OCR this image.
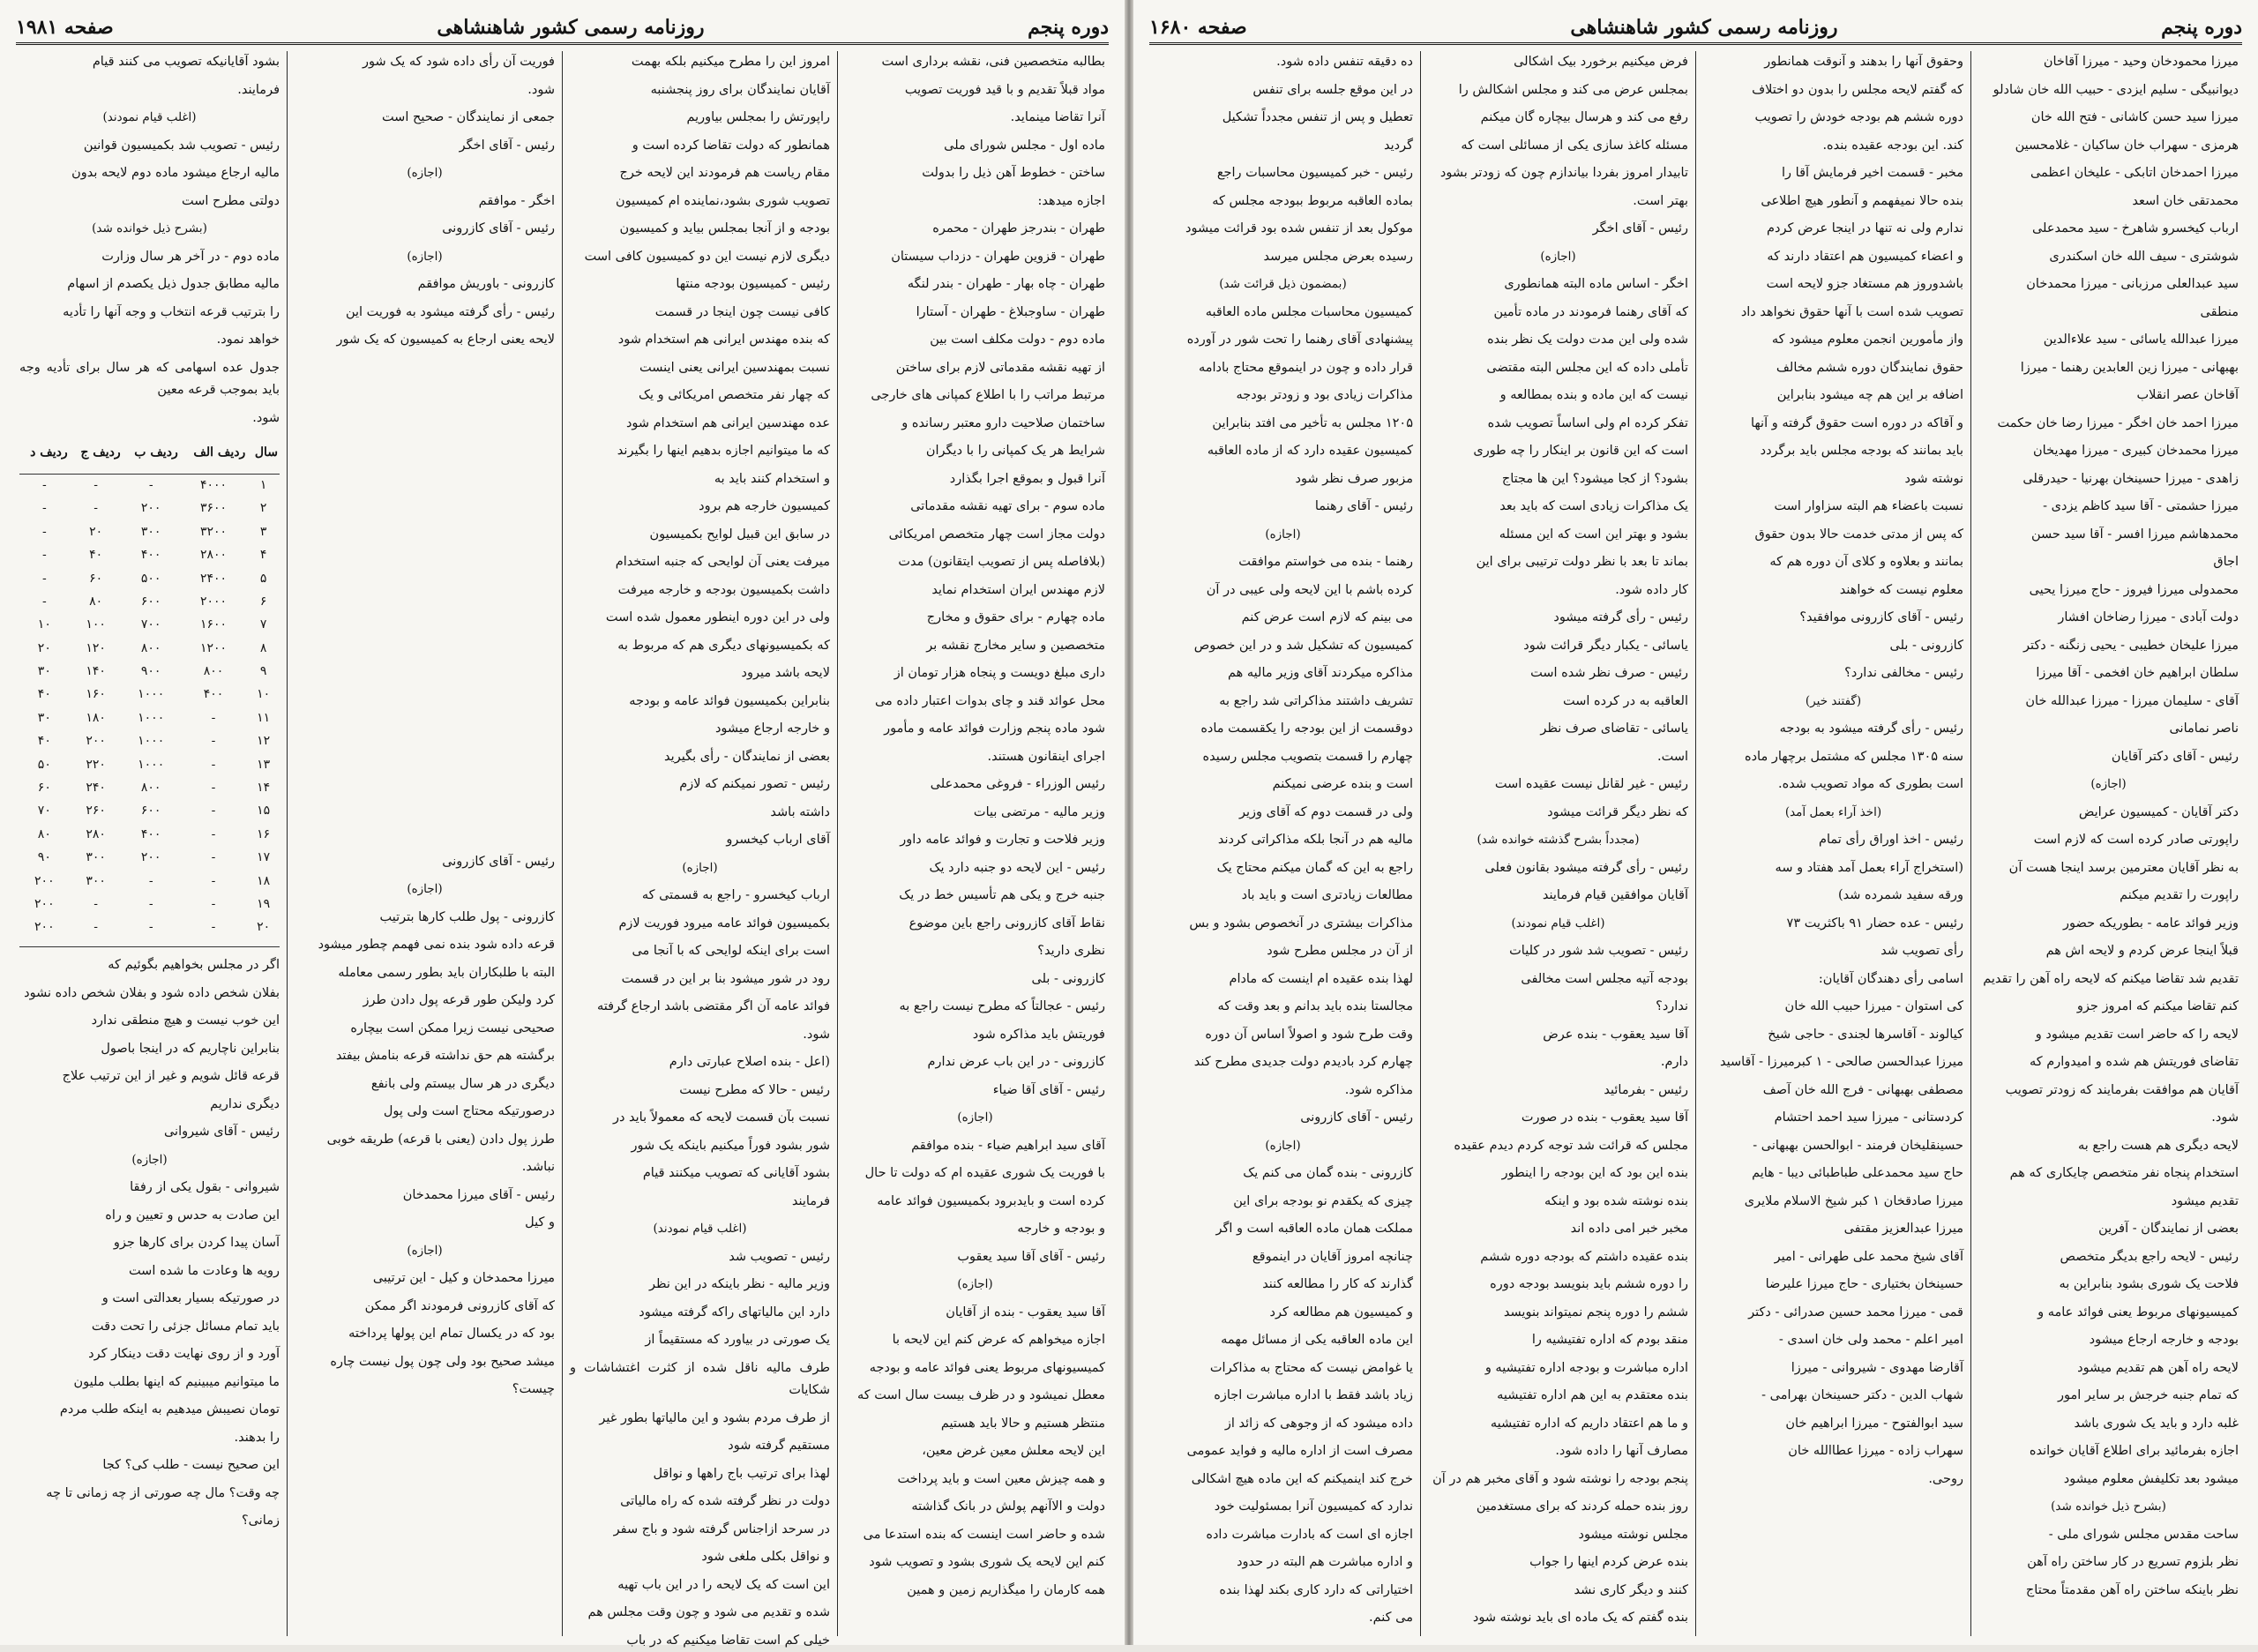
دوره پنجم
روزنامه رسمی کشور شاهنشاهی
صفحه ۱۹۸۱

بطالبه متخصصین فنی، نقشه برداری است

مواد قبلاً تقدیم و با قید فوریت تصویب

آنرا تقاضا مینماید.

ماده اول - مجلس شورای ملی

ساختن - خطوط آهن ذیل را بدولت

اجازه میدهد:

طهران - بندرجز طهران - محمره

طهران - قزوین طهران - دزداب سیستان

طهران - چاه بهار - طهران - بندر لنگه

طهران - ساوجبلاغ - طهران - آستارا

ماده دوم - دولت مکلف است بین

از تهیه نقشه مقدماتی لازم برای ساختن

مرتبط مراتب را با اطلاع کمپانی های خارجی

ساختمان صلاحیت دارو معتبر رسانده و

شرایط هر یک کمپانی را با دیگران

آنرا قبول و بموقع اجرا بگذارد

ماده سوم - برای تهیه نقشه مقدماتی

دولت مجاز است چهار متخصص امریکائی

(بلافاصله پس از تصویب ایتقانون) مدت

لازم مهندس ایران استخدام نماید

ماده چهارم - برای حقوق و مخارج

متخصصین و سایر مخارج نقشه بر

داری مبلغ دویست و پنجاه هزار تومان از

محل عوائد قند و چای بدوات اعتبار داده می

شود ماده پنجم وزارت فوائد عامه و مأمور

اجرای اینقانون هستند.

رئیس الوزراء - فروغی محمدعلی

وزیر مالیه - مرتضی بیات

وزیر فلاحت و تجارت و فوائد عامه داور

رئیس - این لایحه دو جنبه دارد یک

جنبه خرج و یکی هم تأسیس خط در یک

نقاط آقای کازرونی راجع باین موضوع

نظری دارید؟

کازرونی - بلی

رئیس - عجالتاً که مطرح نیست راجع به

فوریتش باید مذاکره شود

کازرونی - در این باب عرض ندارم

رئیس - آقای آقا ضیاء

(اجازه)

آقای سید ابراهیم ضیاء - بنده موافقم

با فوریت یک شوری عقیده ام که دولت تا حال

کرده است و بایدبرود بکمیسیون فوائد عامه

و بودجه و خارجه

رئیس - آقای آقا سید یعقوب

(اجازه)

آقا سید یعقوب - بنده از آقایان

اجازه میخواهم که عرض کنم این لایحه با

کمیسیونهای مربوط یعنی فوائد عامه و بودجه

معطل نمیشود و در ظرف بیست سال است که

منتظر هستیم و حالا باید هستیم

این لایحه معلش معین غرض معین،

و همه چیزش معین است و باید پرداخت

دولت و الاآنهم پولش در بانک گذاشته

شده و حاضر است اینست که بنده استدعا می

کنم این لایحه یک شوری بشود و تصویب شود

همه کارمان را میگذاریم زمین و همین

امروز این را مطرح میکنیم بلکه بهمت

آقایان نمایندگان برای روز پنجشنبه

راپورتش را بمجلس بیاوریم

همانطور که دولت تقاضا کرده است و

مقام ریاست هم فرمودند این لایحه خرج

تصویب شوری بشود،نماینده ام کمیسیون

بودجه و از آنجا بمجلس بیاید و کمیسیون

دیگری لازم نیست این دو کمیسیون کافی است

رئیس - کمیسیون بودجه منتها

کافی نیست چون اینجا در قسمت

که بنده مهندس ایرانی هم استخدام شود

نسبت بمهندسین ایرانی یعنی اینست

که چهار نفر متخصص امریکائی و یک

عده مهندسین ایرانی هم استخدام شود

که ما میتوانیم اجازه بدهیم اینها را بگیرند

و استخدام کنند باید به

کمیسیون خارجه هم برود

در سابق این قبیل لوایح بکمیسیون

میرفت یعنی آن لوایحی که جنبه استخدام

داشت بکمیسیون بودجه و خارجه میرفت

ولی در این دوره اینطور معمول شده است

که بکمیسیونهای دیگری هم که مربوط به

لایحه باشد میرود

بنابراین بکمیسیون فوائد عامه و بودجه

و خارجه ارجاع میشود

بعضی از نمایندگان - رأی بگیرید

رئیس - تصور نمیکنم که لازم

داشته باشد

آقای ارباب کیخسرو

(اجازه)

ارباب کیخسرو - راجع به قسمتی که

بکمیسیون فوائد عامه میرود فوریت لازم

است برای اینکه لوایحی که با آنجا می

رود در شور میشود بنا بر این در قسمت

فوائد عامه آن اگر مقتضی باشد ارجاع گرفته

شود.

(اعل - بنده اصلاح عبارتی دارم

رئیس - حالا که مطرح نیست

نسبت بآن قسمت لایحه که معمولاً باید در

شور بشود فوراً میکنیم باینکه یک شور

بشود آقایانی که تصویب میکنند قیام

فرمایند

(اغلب قیام نمودند)

رئیس - تصویب شد

وزیر مالیه - نظر باینکه در این نظر

دارد این مالیاتهای راکه گرفته میشود

یک صورتی در بیاورد که مستقیماً از

طرف مالیه ناقل شده از کثرت اغتشاشات و شکایات

از طرف مردم بشود و این مالیاتها بطور غیر

مستقیم گرفته شود

لهذا برای ترتیب باج راهها و نواقل

دولت در نظر گرفته شده که راه مالیاتی

در سرحد ازاجناس گرفته شود و باج سفر

و نواقل بکلی ملغی شود

این است که یک لایحه را در این باب تهیه

شده و تقدیم می شود و چون وقت مجلس هم

خیلی کم است تقاضا میکنیم که در باب

فوریت آن رأی داده شود که یک شور

شود.

جمعی از نمایندگان - صحیح است

رئیس - آقای اخگر

(اجازه)

اخگر - موافقم

رئیس - آقای کازرونی

(اجازه)

کازرونی - باوریش موافقم

رئیس - رأی گرفته میشود به فوریت این

لایحه یعنی ارجاع به کمیسیون که یک شور

رئیس - آقای کازرونی

(اجازه)

کازرونی - پول طلب کارها بترتیب

قرعه داده شود بنده نمی فهمم چطور میشود

البته با طلبکاران باید بطور رسمی معامله

کرد ولیکن طور قرعه پول دادن طرز

صحیحی نیست زیرا ممکن است بیچاره

برگشته هم حق نداشته قرعه بنامش بیفتد

دیگری در هر سال بیستم ولی بانفع

درصورتیکه محتاج است ولی پول

طرز پول دادن (یعنی با قرعه) طریقه خوبی

نباشد.

رئیس - آقای میرزا محمدخان

و کیل

(اجازه)

میرزا محمدخان و کیل - این ترتیبی

که آقای کازرونی فرمودند اگر ممکن

بود که در یکسال تمام این پولها پرداخته

میشد صحیح بود ولی چون پول نیست چاره

چیست؟

بشود آقایانیکه تصویب می کنند قیام

فرمایند.

(اغلب قیام نمودند)

رئیس - تصویب شد بکمیسیون قوانین

مالیه ارجاع میشود ماده دوم لایحه بدون

دولتی مطرح است

(بشرح ذیل خوانده شد)

ماده دوم - در آخر هر سال وزارت

مالیه مطابق جدول ذیل یکصدم از اسهام

را بترتیب قرعه انتخاب و وجه آنها را تأدیه

خواهد نمود.

جدول عده اسهامی که هر سال برای تأدیه وجه باید بموجب قرعه معین

شود.

سال	ردیف الف	ردیف ب	ردیف ج	ردیف د
۱	۴۰۰۰	-	-	-
۲	۳۶۰۰	۲۰۰	-	-
۳	۳۲۰۰	۳۰۰	۲۰	-
۴	۲۸۰۰	۴۰۰	۴۰	-
۵	۲۴۰۰	۵۰۰	۶۰	-
۶	۲۰۰۰	۶۰۰	۸۰	-
۷	۱۶۰۰	۷۰۰	۱۰۰	۱۰
۸	۱۲۰۰	۸۰۰	۱۲۰	۲۰
۹	۸۰۰	۹۰۰	۱۴۰	۳۰
۱۰	۴۰۰	۱۰۰۰	۱۶۰	۴۰
۱۱	-	۱۰۰۰	۱۸۰	۳۰
۱۲	-	۱۰۰۰	۲۰۰	۴۰
۱۳	-	۱۰۰۰	۲۲۰	۵۰
۱۴	-	۸۰۰	۲۴۰	۶۰
۱۵	-	۶۰۰	۲۶۰	۷۰
۱۶	-	۴۰۰	۲۸۰	۸۰
۱۷	-	۲۰۰	۳۰۰	۹۰
۱۸	-	-	۳۰۰	۲۰۰
۱۹	-	-	-	۲۰۰
۲۰	-	-	-	۲۰۰

اگر در مجلس بخواهیم بگوئیم که

بفلان شخص داده شود و بفلان شخص داده نشود

این خوب نیست و هیچ منطقی ندارد

بنابراین ناچاریم که در اینجا باصول

قرعه قائل شویم و غیر از این ترتیب علاج

دیگری نداریم

رئیس - آقای شیروانی

(اجازه)

شیروانی - بقول یکی از رفقا

این صادت به حدس و تعیین و راه

آسان پیدا کردن برای کارها جزو

رویه ها وعادت ما شده است

در صورتیکه بسیار بعدالتی است و

باید تمام مسائل جزئی را تحت دقت

آورد و از روی نهایت دقت دینکار کرد

ما میتوانیم میبینیم که اینها بطلب ملیون

تومان نصیبش میدهیم به اینکه طلب مردم

را بدهند.

این صحیح نیست - طلب کی؟ کجا

چه وقت؟ مال چه صورتی از چه زمانی تا چه

زمانی؟

دوره پنجم
روزنامه رسمی کشور شاهنشاهی
صفحه ۱۶۸۰

میرزا محمودخان وحید - میرزا آقاخان

دیوانبیگی - سلیم ایزدی - حبیب الله خان شادلو

میرزا سید حسن کاشانی - فتح الله خان

هرمزی - سهراب خان ساکیان - غلامحسین

میرزا احمدخان اتابکی - علیخان اعظمی

محمدتقی خان اسعد

ارباب کیخسرو شاهرخ - سید محمدعلی

شوشتری - سیف الله خان اسکندری

سید عبدالعلی مرزبانی - میرزا محمدخان

منطقی

میرزا عبدالله یاسائی - سید علاءالدین

بهبهانی - میرزا زین العابدین رهنما - میرزا

آقاخان عصر انقلاب

میرزا احمد خان اخگر - میرزا رضا خان حکمت

میرزا محمدخان کبیری - میرزا مهدیخان

زاهدی - میرزا حسینخان بهرنیا - حیدرقلی

میرزا حشمتی - آقا سید کاظم یزدی -

محمدهاشم میرزا افسر - آقا سید حسن

اجاق

محمدولی میرزا فیروز - حاج میرزا یحیی

دولت آبادی - میرزا رضاخان افشار

میرزا علیخان خطیبی - یحیی زنگنه - دکتر

سلطان ابراهیم خان افخمی - آقا میرزا

آقای - سلیمان میرزا - میرزا عبدالله خان

ناصر نمامانی

رئیس - آقای دکتر آقایان

(اجازه)

دکتر آقایان - کمیسیون عرایض

راپورتی صادر کرده است که لازم است

به نظر آقایان معترمین برسد اینجا هست آن

راپورت را تقدیم میکنم

وزیر فوائد عامه - بطوریکه حضور

قبلاً اینجا عرض کردم و لایحه اش هم

تقدیم شد تقاضا میکنم که لایحه راه آهن را تقدیم

کنم تقاضا میکنم که امروز جزو

لایحه را که حاضر است تقدیم میشود و

تقاضای فوریتش هم شده و امیدوارم که

آقایان هم موافقت بفرمایند که زودتر تصویب

شود.

لایحه دیگری هم هست راجع به

استخدام پنجاه نفر متخصص چایکاری که هم

تقدیم میشود

بعضی از نمایندگان - آفرین

رئیس - لایحه راجع بدیگر متخصص

فلاحت یک شوری بشود بنابراین به

کمیسیونهای مربوط یعنی فوائد عامه و

بودجه و خارجه ارجاع میشود

لایحه راه آهن هم تقدیم میشود

که تمام جنبه خرجش بر سایر امور

غلبه دارد و باید یک شوری باشد

اجازه بفرمائید برای اطلاع آقایان خوانده

میشود بعد تکلیفش معلوم میشود

(بشرح ذیل خوانده شد)

ساحت مقدس مجلس شورای ملی -

نظر بلزوم تسریع در کار ساختن راه آهن

نظر باینکه ساختن راه آهن مقدمتاً محتاج

وحقوق آنها را بدهند و آنوقت همانطور

که گفتم لایحه مجلس را بدون دو اختلاف

دوره ششم هم بودجه خودش را تصویب

کند. این بودجه عقیده بنده.

مخبر - قسمت اخیر فرمایش آقا را

بنده حالا نمیفهمم و آنطور هیچ اطلاعی

ندارم ولی نه تنها در اینجا عرض کردم

و اعضاء کمیسیون هم اعتقاد دارند که

باشدوروز هم مستغاد جزو لایحه است

تصویب شده است با آنها حقوق نخواهد داد

واز مأمورین انجمن معلوم میشود که

حقوق نمایندگان دوره ششم مخالف

اضافه بر این هم چه میشود بنابراین

و آقاکه در دوره است حقوق گرفته و آنها

باید بمانند که بودجه مجلس باید برگردد

نوشته شود

نسبت باعضاء هم البته سزاوار است

که پس از مدتی خدمت حالا بدون حقوق

بمانند و بعلاوه و کلای آن دوره هم که

معلوم نیست که خواهند

رئیس - آقای کازرونی موافقید؟

کازرونی - بلی

رئیس - مخالفی ندارد؟

(گفتند خیر)

رئیس - رأی گرفته میشود به بودجه

سنه ۱۳۰۵ مجلس که مشتمل برچهار ماده

است بطوری که مواد تصویب شده.

(اخذ آراء بعمل آمد)

رئیس - اخذ اوراق رأی تمام

(استخراج آراء بعمل آمد هفتاد و سه

ورقه سفید شمرده شد)

رئیس - عده حضار ۹۱ باکثریت ۷۳

رأی تصویب شد

اسامی رأی دهندگان آقایان:

کی استوان - میرزا حبیب الله خان

کیالوند - آقاسرها لجندی - حاجی شیخ

میرزا عبدالحسن صالحی - ۱ کبرمیرزا - آقاسید

مصطفی بهبهانی - فرج الله خان آصف

کردستانی - میرزا سید احمد احتشام

حسینقلیخان فرمند - ابوالحسن بهبهانی -

حاج سید محمدعلی طباطبائی دیبا - هایم

میرزا صادقخان ۱ کبر شیخ الاسلام ملایری

میرزا عبدالعزیز مقتفی

آقای شیخ محمد علی طهرانی - امیر

حسینخان بختیاری - حاج میرزا علیرضا

قمی - میرزا محمد حسین صدرائی - دکتر

امیر اعلم - محمد ولی خان اسدی -

آقارضا مهدوی - شیروانی - میرزا

شهاب الدین - دکتر حسینخان بهرامی -

سید ابوالفتوح - میرزا ابراهیم خان

سهراب زاده - میرزا عطاالله خان

روحی.

فرض میکنیم برخورد بیک اشکالی

بمجلس عرض می کند و مجلس اشکالش را

رفع می کند و هرسال بیچاره گان میکنم

مسئله کاغذ سازی یکی از مسائلی است که

تابیدار امروز بفردا بیاندازم چون که زودتر بشود

بهتر است.

رئیس - آقای اخگر

(اجازه)

اخگر - اساس ماده البته همانطوری

که آقای رهنما فرمودند در ماده تأمین

شده ولی این مدت دولت یک نظر بنده

تأملی داده که این مجلس البته مقتضی

نیست که این ماده و بنده بمطالعه و

تفکر کرده ام ولی اساساً تصویب شده

است که این قانون بر اینکار را چه طوری

بشود؟ از کجا میشود؟ این ها مجتاج

یک مذاکرات زیادی است که باید بعد

بشود و بهتر این است که این مسئله

بماند تا بعد با نظر دولت ترتیبی برای این

کار داده شود.

رئیس - رأی گرفته میشود

یاسائی - یکبار دیگر قرائت شود

رئیس - صرف نظر شده است

العاقبه به در کرده است

یاسائی - تقاضای صرف نظر

است.

رئیس - غیر لقانل نیست عقیده است

که نظر دیگر قرائت میشود

(مجدداً بشرح گذشته خوانده شد)

رئیس - رأی گرفته میشود بقانون فعلی

آقایان موافقین قیام فرمایند

(اغلب قیام نمودند)

رئیس - تصویب شد شور در کلیات

بودجه آتیه مجلس است مخالفی

ندارد؟

آقا سید یعقوب - بنده عرض

دارم.

رئیس - بفرمائید

آقا سید یعقوب - بنده در صورت

مجلس که قرائت شد توجه کردم دیدم عقیده

بنده این بود که این بودجه را اینطور

بنده نوشته شده بود و اینکه

مخبر خبر امی داده اند

بنده عقیده داشتم که بودجه دوره ششم

را دوره ششم باید بنویسد بودجه دوره

ششم را دوره پنجم نمیتواند بنویسد

منقد بودم که اداره تفتیشیه را

اداره مباشرت و بودجه اداره تفتیشیه و

بنده معتقدم به این هم اداره تفتیشیه

و ما هم اعتقاد داریم که اداره تفتیشیه

مصارف آنها را داده شود.

پنجم بودجه را نوشته شود و آقای مخبر هم در آن

روز بنده حمله کردند که برای مستغدمین

مجلس نوشته میشود

بنده عرض کردم اینها را جواب

کنند و دیگر کاری نشد

بنده گفتم که یک ماده ای باید نوشته شود

ده دقیقه تنفس داده شود.

در این موقع جلسه برای تنفس

تعطیل و پس از تنفس مجدداً تشکیل

گردید

رئیس - خبر کمیسیون محاسبات راجع

بماده العاقبه مربوط ببودجه مجلس که

موکول بعد از تنفس شده بود قرائت میشود

رسیده بعرض مجلس میرسد

(بمضمون ذیل قرائت شد)

کمیسیون محاسبات مجلس ماده العاقبه

پیشنهادی آقای رهنما را تحت شور در آورده

قرار داده و چون در اینموقع محتاج بادامه

مذاکرات زیادی بود و زودتر بودجه

۱۲۰۵ مجلس به تأخیر می افتد بنابراین

کمیسیون عقیده دارد که از ماده العاقبه

مزبور صرف نظر شود

رئیس - آقای رهنما

(اجازه)

رهنما - بنده می خواستم موافقت

کرده باشم با این لایحه ولی عیبی در آن

می بینم که لازم است عرض کنم

کمیسیون که تشکیل شد و در این خصوص

مذاکره میکردند آقای وزیر مالیه هم

تشریف داشتند مذاکراتی شد راجع به

دوقسمت از این بودجه را یکقسمت ماده

چهارم را قسمت بتصویب مجلس رسیده

است و بنده عرضی نمیکنم

ولی در قسمت دوم که آقای وزیر

مالیه هم در آنجا بلکه مذاکراتی کردند

راجع به این که گمان میکنم محتاج یک

مطالعات زیادتری است و باید باد

مذاکرات بیشتری در آنخصوص بشود و بس

از آن در مجلس مطرح شود

لهذا بنده عقیده ام اینست که مادام

مجالستا بنده باید بدانم و بعد وقت که

وقت طرح شود و اصولاً اساس آن دوره

چهارم کرد بادیدم دولت جدیدی مطرح کند

مذاکره شود.

رئیس - آقای کازرونی

(اجازه)

کازرونی - بنده گمان می کنم یک

چیزی که یکقدم نو بودجه برای این

مملکت همان ماده العاقبه است و اگر

چنانچه امروز آقایان در اینموقع

گذارند که کار را مطالعه کنند

و کمیسیون هم مطالعه کرد

این ماده العاقبه یکی از مسائل مهمه

یا غوامض نیست که محتاج به مذاکرات

زیاد باشد فقط با اداره مباشرت اجازه

داده میشود که از وجوهی که زائد از

مصرف است از اداره مالیه و فواید عمومی

خرج کند اینمیکنم که این ماده هیچ اشکالی

ندارد که کمیسیون آنرا بمسئولیت خود

اجازه ای است که بادارت مباشرت داده

و اداره مباشرت هم البته در حدود

اختیاراتی که دارد کاری بکند لهذا بنده

می کنم.
